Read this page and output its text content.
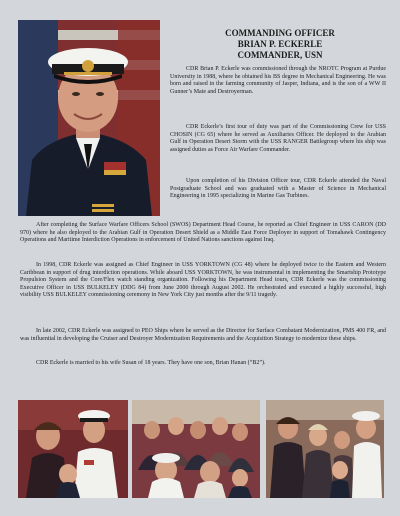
COMMANDING OFFICER
BRIAN P. ECKERLE
COMMANDER, USN

CDR Brian P. Eckerle was commissioned through the NROTC Program at Purdue University in 1988, where he obtained his BS degree in Mechanical Engineering. He was born and raised in the farming community of Jasper, Indiana, and is the son of a WW II Gunner’s Mate and Destroyerman.

CDR Eckerle’s first tour of duty was part of the Commissioning Crew for USS CHOSIN (CG 65) where he served as Auxiliaries Officer. He deployed to the Arabian Gulf in Operation Desert Storm with the USS RANGER Battlegroup where his ship was assigned duties as Force Air Warfare Commander.

Upon completion of his Division Officer tour, CDR Eckerle attended the Naval Postgraduate School and was graduated with a Master of Science in Mechanical Engineering in 1995 specializing in Marine Gas Turbines.

After completing the Surface Warfare Officers School (SWOS) Department Head Course, he reported as Chief Engineer in USS CARON (DD 970) where he also deployed to the Arabian Gulf in Operation Desert Shield as a Middle East Force Deployer in support of Tomahawk Contingency Operations and Maritime Interdiction Operations in enforcement of United Nations sanctions against Iraq.

In 1998, CDR Eckerle was assigned as Chief Engineer in USS YORKTOWN (CG 48) where he deployed twice to the Eastern and Western Caribbean in support of drug interdiction operations. While aboard USS YORKTOWN, he was instrumental in implementing the Smartship Prototype Propulsion System and the Core/Flex watch standing organization. Following his Department Head tours, CDR Eckerle was the commissioning Executive Officer in USS BULKELEY (DDG 84) from June 2000 through August 2002. He orchestrated and executed a highly successful, high visibility USS BULKELEY commissioning ceremony in New York City just months after the 9/11 tragedy.

In late 2002, CDR Eckerle was assigned to PEO Ships where he served as the Director for Surface Combatant Modernization, PMS 400 FR, and was influential in developing the Cruiser and Destroyer Modernization Requirements and the Acquisition Strategy to modernize these ships.

CDR Eckerle is married to his wife Susan of 18 years. They have one son, Brian Hanan (“B2”).
